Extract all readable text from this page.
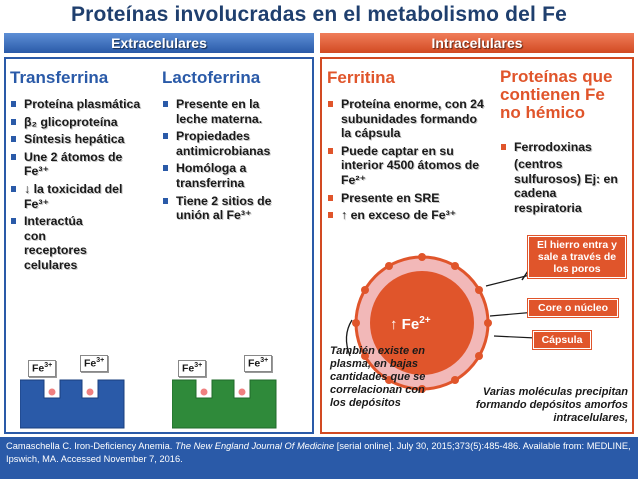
Proteínas involucradas en el metabolismo del Fe
Extracelulares	Intracelulares
Transferrina
Proteína plasmática
β₂ glicoproteína
Síntesis hepática
Une 2 átomos de Fe³⁺
↓ la toxicidad del Fe³⁺
Interactúa con receptores celulares
Lactoferrina
Presente en la leche materna.
Propiedades antimicrobianas
Homóloga a transferrina
Tiene 2 sitios de unión al Fe³⁺
Ferritina
Proteína enorme, con 24 subunidades formando la cápsula
Puede captar en su interior 4500 átomos de Fe²⁺
Presente en SRE
↑ en exceso de Fe³⁺
Proteínas que contienen Fe no hémico
Ferrodoxinas
(centros sulfurosos) Ej: en cadena respiratoria
$Fe^{3+}$	$Fe^{3+}$
$Fe^{3+}$	$Fe^{3+}$
↑ $Fe^{2+}$
El hierro entra y sale a través de los poros
Core o núcleo
Cápsula
También existe en plasma, en bajas cantidades que se correlacionan con los depósitos
Varias moléculas precipitan formando depósitos amorfos intracelulares,
Camaschella C. Iron-Deficiency Anemia. The New England Journal Of Medicine [serial online]. July 30, 2015;373(5):485-486. Available from: MEDLINE, Ipswich, MA. Accessed November 7, 2016.
